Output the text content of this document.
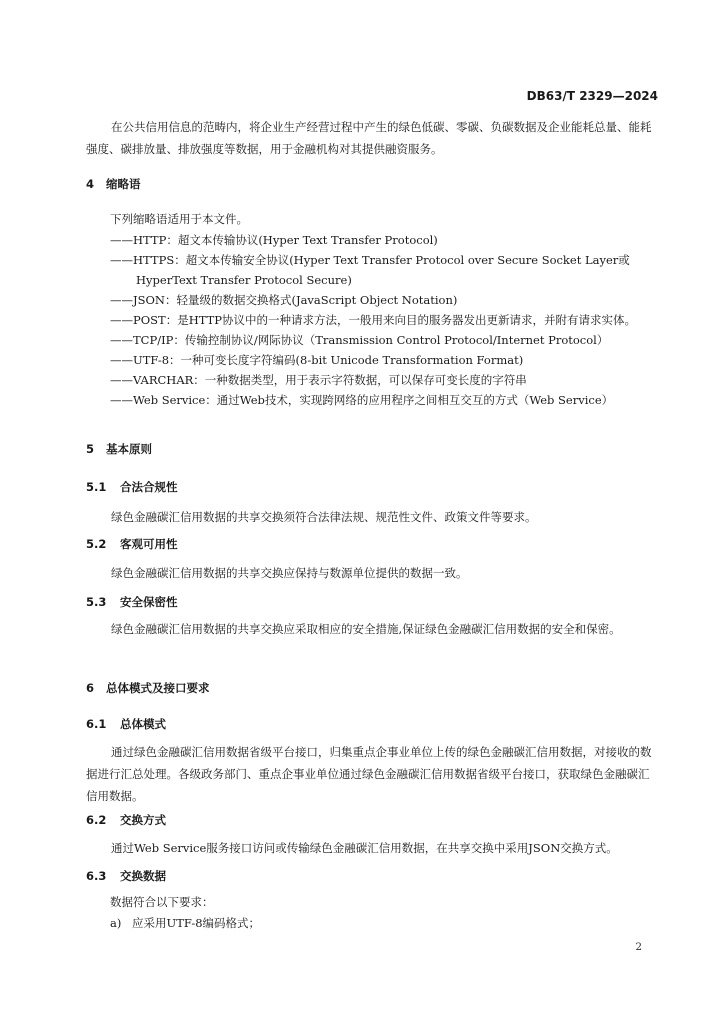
DB63/T 2329—2024

在公共信用信息的范畴内，将企业生产经营过程中产生的绿色低碳、零碳、负碳数据及企业能耗总量、能耗强度、碳排放量、排放强度等数据，用于金融机构对其提供融资服务。

4 缩略语

下列缩略语适用于本文件。

——HTTP：超文本传输协议(Hyper Text Transfer Protocol)
——HTTPS：超文本传输安全协议(Hyper Text Transfer Protocol over Secure Socket Layer或HyperText Transfer Protocol Secure)
——JSON：轻量级的数据交换格式(JavaScript Object Notation)
——POST：是HTTP协议中的一种请求方法，一般用来向目的服务器发出更新请求，并附有请求实体。
——TCP/IP：传输控制协议/网际协议（Transmission Control Protocol/Internet Protocol）
——UTF-8：一种可变长度字符编码(8-bit Unicode Transformation Format)
——VARCHAR：一种数据类型，用于表示字符数据，可以保存可变长度的字符串
——Web Service：通过Web技术，实现跨网络的应用程序之间相互交互的方式（Web Service）
5 基本原则
5.1 合法合规性

绿色金融碳汇信用数据的共享交换须符合法律法规、规范性文件、政策文件等要求。

5.2 客观可用性

绿色金融碳汇信用数据的共享交换应保持与数源单位提供的数据一致。

5.3 安全保密性

绿色金融碳汇信用数据的共享交换应采取相应的安全措施,保证绿色金融碳汇信用数据的安全和保密。

6 总体模式及接口要求
6.1 总体模式

通过绿色金融碳汇信用数据省级平台接口，归集重点企事业单位上传的绿色金融碳汇信用数据，对接收的数据进行汇总处理。各级政务部门、重点企事业单位通过绿色金融碳汇信用数据省级平台接口，获取绿色金融碳汇信用数据。

6.2 交换方式

通过Web Service服务接口访问或传输绿色金融碳汇信用数据，在共享交换中采用JSON交换方式。

6.3 交换数据

数据符合以下要求：

a) 应采用UTF-8编码格式；

2
